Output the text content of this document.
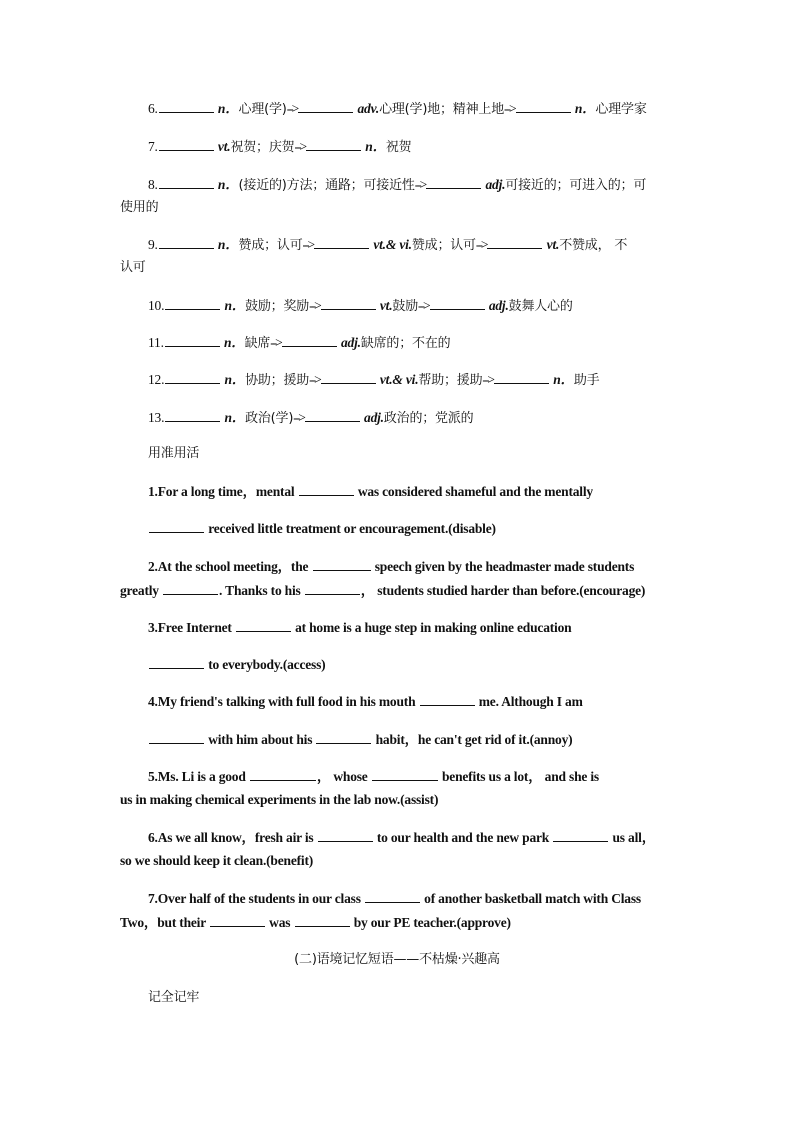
6.	n．心理(学)-->	adv.心理(学)地；精神上地-->	n．心理学家
7.	vt.祝贺；庆贺-->	n．祝贺
8.	n．(接近的)方法；通路；可接近性-->	adj.可接近的；可进入的；可
使用的
9.	n．赞成；认可-->	vt.& vi.赞成；认可-->	vt.不赞成， 不
认可
10.	n．鼓励；奖励-->	vt.鼓励-->	adj.鼓舞人心的
11.	n．缺席-->	adj.缺席的；不在的
12.	n．协助；援助-->	vt.& vi.帮助；援助-->	n．助手
13.	n．政治(学)-->	adj.政治的；党派的
用准用活
1.For a long time，mental	was considered shameful and the mentally
received little treatment or encouragement.(disable)
2.At the school meeting，the	speech given by the headmaster made students
greatly	. Thanks to his	， students studied harder than before.(encourage)
3.Free Internet	at home is a huge step in making online education
to everybody.(access)
4.My friend's talking with full food in his mouth	me. Although I am
with him about his	habit，he can't get rid of it.(annoy)
5.Ms. Li is a good	， whose	benefits us a lot， and she is
us in making chemical experiments in the lab now.(assist)
6.As we all know，fresh air is	to our health and the new park	us all，
so we should keep it clean.(benefit)
7.Over half of the students in our class	of another basketball match with Class
Two，but their	was	by our PE teacher.(approve)
(二)语境记忆短语——不枯燥·兴趣高
记全记牢
